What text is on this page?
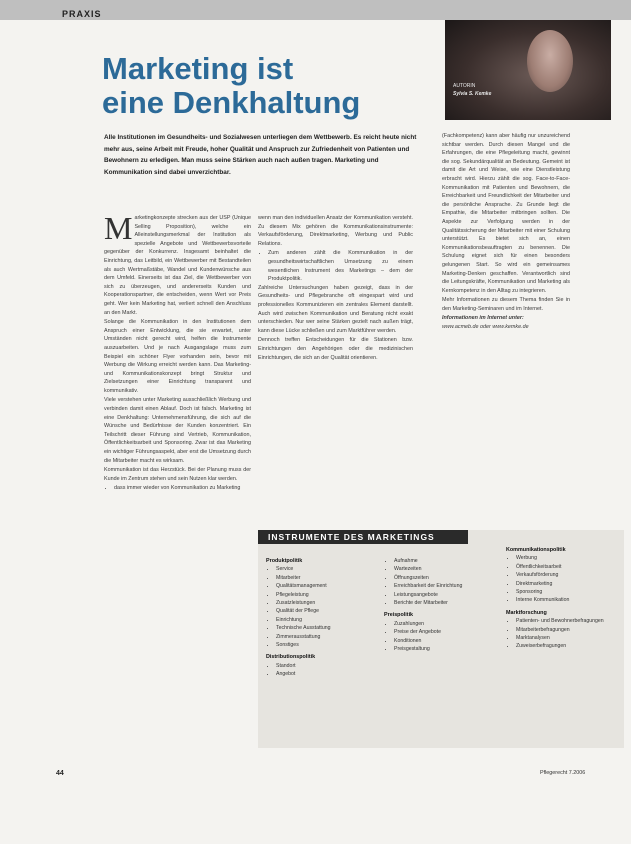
PRAXIS
Marketing ist
eine Denkhaltung	AUTORIN
Sylvia S. Kemke

Alle Institutionen im Gesundheits- und Sozialwesen unterliegen dem Wettbewerb. Es reicht heute nicht mehr aus, seine Arbeit mit Freude, hoher Qualität und Anspruch zur Zufriedenheit von Patienten und Bewohnern zu erledigen. Man muss seine Stärken auch nach außen tragen. Marketing und Kommunikation sind dabei unverzichtbar.

Marketingkonzepte strecken aus der USP (Unique Selling Proposition), welche ein Alleinstellungsmerkmal der Institution als spezielle Angebote und Wettbewerbsvorteile gegenüber der Konkurrenz. Insgesamt beinhaltet die Einrichtung, das Leitbild, ein Wettbewerber mit Bestandteilen als auch Wertmaßstäbe, Wandel und Kundenwünsche aus dem Umfeld. Einerseits ist das Ziel, die Wettbewerber von sich zu überzeugen, und andererseits Kunden und Kooperationspartner, die entscheiden, wenn Wert vor Preis geht. Wer kein Marketing hat, verliert schnell den Anschluss an den Markt.

Solange die Kommunikation in den Institutionen dem Anspruch einer Entwicklung, die sie erwartet, unter Umständen nicht gerecht wird, helfen die Instrumente auszuarbeiten. Und je nach Ausgangslage muss zum Beispiel ein schöner Flyer vorhanden sein, bevor mit Werbung die Wirkung erreicht werden kann. Das Marketing- und Kommunikationskonzept bringt Struktur und Zielsetzungen einer Einrichtung transparent und kommunikativ.

Viele verstehen unter Marketing ausschließlich Werbung und verbinden damit einen Ablauf. Doch ist falsch. Marketing ist eine Denkhaltung: Unternehmensführung, die sich auf die Wünsche und Bedürfnisse der Kunden konzentriert. Ein Teilschritt dieser Führung sind Vertrieb, Kommunikation, Öffentlichkeitsarbeit und Sponsoring. Zwar ist das Marketing ein wichtiger Führungsaspekt, aber erst die Umsetzung durch die Mitarbeiter macht es wirksam.

Kommunikation ist das Herzstück. Bei der Planung muss der Kunde im Zentrum stehen und sein Nutzen klar werden.

• dass immer wieder von Kommunikation zu Marketing

wenn man den individuellen Ansatz der Kommunikation versteht. Zu diesem Mix gehören die Kommunikationsinstrumente: Verkaufsförderung, Direktmarketing, Werbung und Public Relations.

• Zum anderen zählt die Kommunikation in der gesundheitswirtschaftlichen Umsetzung zu einem wesentlichen Instrument des Marketings – dem der Produktpolitik.

Zahlreiche Untersuchungen haben gezeigt, dass in der Gesundheits- und Pflegebranche oft eingespart wird und professionelles Kommunizieren ein zentrales Element darstellt. Auch wird zwischen Kommunikation und Beratung nicht exakt unterschieden. Nur wer seine Stärken gezielt nach außen trägt, kann diese Lücke schließen und zum Marktführer werden.

Dennoch treffen Entscheidungen für die Stationen bzw. Einrichtungen den Angehörigen oder die medizinischen Einrichtungen, die sich an der Qualität orientieren.

(Fachkompetenz) kann aber häufig nur unzureichend sichtbar werden. Durch diesen Mangel und die Erfahrungen, die eine Pflegeleitung macht, gewinnt die sog. Sekundärqualität an Bedeutung. Gemeint ist damit die Art und Weise, wie eine Dienstleistung erbracht wird. Hierzu zählt die sog. Face-to-Face-Kommunikation mit Patienten und Bewohnern, die Erreichbarkeit und Freundlichkeit der Mitarbeiter und die persönliche Ansprache. Zu Grunde liegt die Empathie, die Mitarbeiter mitbringen sollten. Die Aspekte zur Verfolgung werden in der Qualitätssicherung der Mitarbeiter mit einer Schulung unterstützt. Es bietet sich an, einen Kommunikationsbeauftragten zu benennen. Die Schulung eignet sich für einen besonders gelungenen Start. So wird ein gemeinsames Marketing-Denken geschaffen. Verantwortlich sind die Leitungskräfte, Kommunikation und Marketing als Kernkompetenz in den Alltag zu integrieren.

Mehr Informationen zu diesem Thema finden Sie in den Marketing-Seminaren und im Internet.

Informationen im Internet unter:
www.acmeb.de oder www.kemke.de

INSTRUMENTE DES MARKETINGS
Produktpolitik
• Service
• Mitarbeiter
• Qualitätsmanagement
• Pflegeleistung
• Zusatzleistungen
• Qualität der Pflege
• Einrichtung
• Technische Ausstattung
• Zimmerausstattung
• Sonstiges
Distributionspolitik
• Standort
• Angebot
• Aufnahme
• Wartezeiten
• Öffnungszeiten
• Erreichbarkeit der Einrichtung
• Leistungsangebote
• Berichte der Mitarbeiter
Preispolitik
• Zuzahlungen
• Preise der Angebote
• Konditionen
• Preisgestaltung
Kommunikationspolitik
• Werbung
• Öffentlichkeitsarbeit
• Verkaufsförderung
• Direktmarketing
• Sponsoring
• Interne Kommunikation
Marktforschung
• Patienten- und Bewohnerbefragungen
• Mitarbeiterbefragungen
• Marktanalysen
• Zuweiserbefragungen
44	Pflegerecht 7.2006
